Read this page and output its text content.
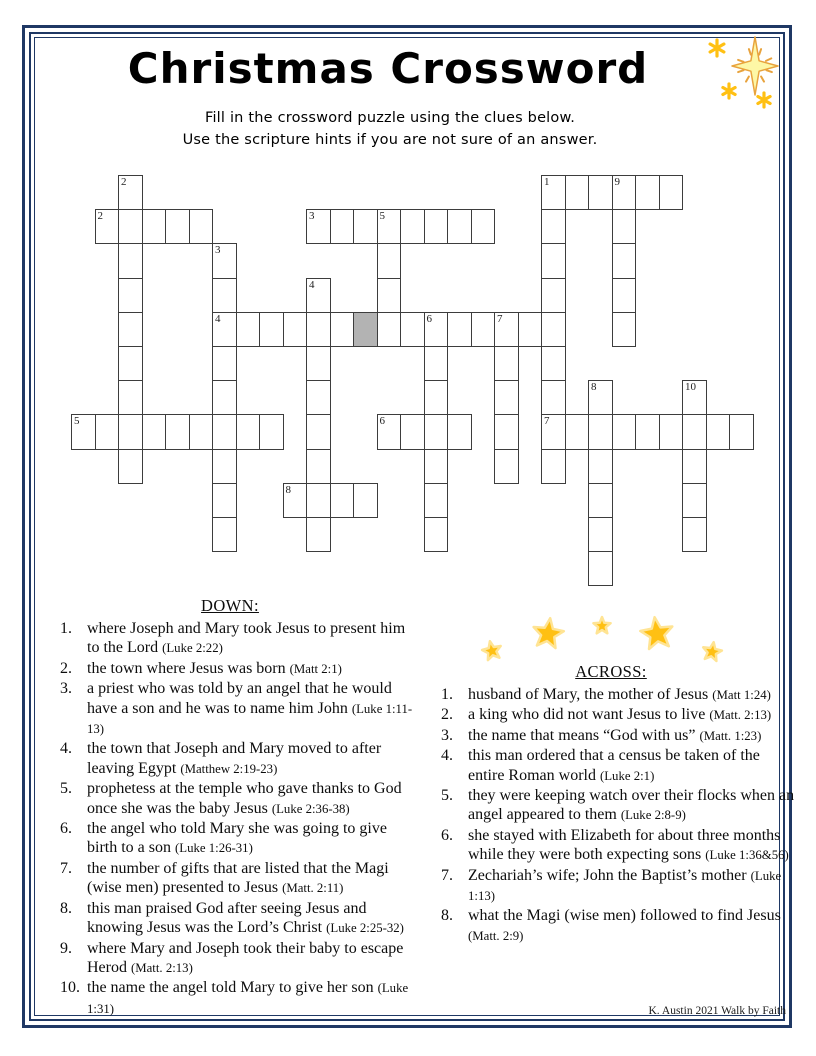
Christmas Crossword
Fill in the crossword puzzle using the clues below.
Use the scripture hints if you are not sure of an answer.
1	9
2	3	5
4	6	7
5	6	7
8
2
3
4
8	10
DOWN:
1. where Joseph and Mary took Jesus to present him to the Lord (Luke 2:22)
2. the town where Jesus was born (Matt 2:1)
3. a priest who was told by an angel that he would have a son and he was to name him John (Luke 1:11-13)
4. the town that Joseph and Mary moved to after leaving Egypt (Matthew 2:19-23)
5. prophetess at the temple who gave thanks to God once she was the baby Jesus (Luke 2:36-38)
6. the angel who told Mary she was going to give birth to a son (Luke 1:26-31)
7. the number of gifts that are listed that the Magi (wise men) presented to Jesus (Matt. 2:11)
8. this man praised God after seeing Jesus and knowing Jesus was the Lord’s Christ (Luke 2:25-32)
9. where Mary and Joseph took their baby to escape Herod (Matt. 2:13)
10. the name the angel told Mary to give her son (Luke 1:31)
ACROSS:
1. husband of Mary, the mother of Jesus (Matt 1:24)
2. a king who did not want Jesus to live (Matt. 2:13)
3. the name that means “God with us” (Matt. 1:23)
4. this man ordered that a census be taken of the entire Roman world (Luke 2:1)
5. they were keeping watch over their flocks when an angel appeared to them (Luke 2:8-9)
6. she stayed with Elizabeth for about three months while they were both expecting sons (Luke 1:36&56)
7. Zechariah’s wife; John the Baptist’s mother (Luke 1:13)
8. what the Magi (wise men) followed to find Jesus (Matt. 2:9)
K. Austin 2021 Walk by Faith
